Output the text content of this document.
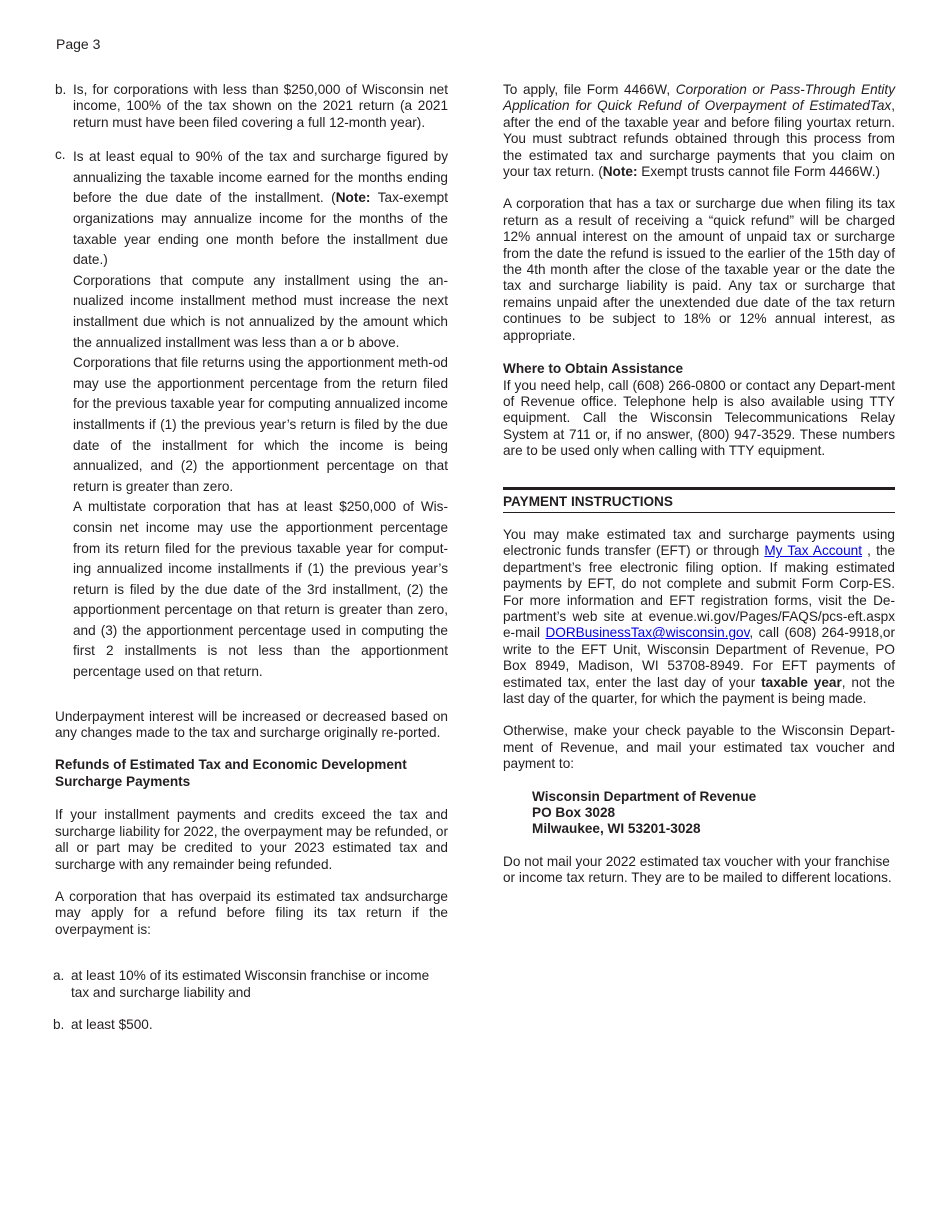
Page 3
b. Is, for corporations with less than $250,000 of Wisconsin net income, 100% of the tax shown on the 2021 return (a 2021 return must have been filed covering a full 12-month year).

c. Is at least equal to 90% of the tax and surcharge figured by annualizing the taxable income earned for the months ending before the due date of the installment. (Note: Tax-exempt organizations may annualize income for the months of the taxable year ending one month before the installment due date.)

Corporations that compute any installment using the an-nualized income installment method must increase the next installment due which is not annualized by the amount which the annualized installment was less than a or b above.

Corporations that file returns using the apportionment meth-od may use the apportionment percentage from the return filed for the previous taxable year for computing annualized income installments if (1) the previous year’s return is filed by the due date of the installment for which the income is being annualized, and (2) the apportionment percentage on that return is greater than zero.

A multistate corporation that has at least $250,000 of Wis-consin net income may use the apportionment percentage from its return filed for the previous taxable year for comput-ing annualized income installments if (1) the previous year’s return is filed by the due date of the 3rd installment, (2) the apportionment percentage on that return is greater than zero, and (3) the apportionment percentage used in computing the first 2 installments is not less than the apportionment percentage used on that return.

Underpayment interest will be increased or decreased based on any changes made to the tax and surcharge originally re-ported.

Refunds of Estimated Tax and Economic Development Surcharge Payments

If your installment payments and credits exceed the tax and surcharge liability for 2022, the overpayment may be refunded, or all or part may be credited to your 2023 estimated tax and surcharge with any remainder being refunded.

A corporation that has overpaid its estimated tax andsurcharge may apply for a refund before filing its tax return if the overpayment is:

a. at least 10% of its estimated Wisconsin franchise or income tax and surcharge liability and

b. at least $500.

To apply, file Form 4466W, Corporation or Pass-Through Entity Application for Quick Refund of Overpayment of EstimatedTax, after the end of the taxable year and before filing yourtax return. You must subtract refunds obtained through this process from the estimated tax and surcharge payments that you claim on your tax return. (Note: Exempt trusts cannot file Form 4466W.)

A corporation that has a tax or surcharge due when filing its tax return as a result of receiving a “quick refund” will be charged 12% annual interest on the amount of unpaid tax or surcharge from the date the refund is issued to the earlier of the 15th day of the 4th month after the close of the taxable year or the date the tax and surcharge liability is paid. Any tax or surcharge that remains unpaid after the unextended due date of the tax return continues to be subject to 18% or 12% annual interest, as appropriate.

Where to Obtain Assistance

If you need help, call (608) 266-0800 or contact any Depart-ment of Revenue office. Telephone help is also available using TTY equipment. Call the Wisconsin Telecommunications Relay System at 711 or, if no answer, (800) 947-3529. These numbers are to be used only when calling with TTY equipment.

PAYMENT INSTRUCTIONS

You may make estimated tax and surcharge payments using electronic funds transfer (EFT) or through My Tax Account , the department’s free electronic filing option. If making estimated payments by EFT, do not complete and submit Form Corp-ES. For more information and EFT registration forms, visit the De-partment’s web site at evenue.wi.gov/Pages/FAQS/pcs-eft.aspx e-mail DORBusinessTax@wisconsin.gov, call (608) 264-9918,or write to the EFT Unit, Wisconsin Department of Revenue, PO Box 8949, Madison, WI 53708-8949. For EFT payments of estimated tax, enter the last day of your taxable year, not the last day of the quarter, for which the payment is being made.

Otherwise, make your check payable to the Wisconsin Depart-ment of Revenue, and mail your estimated tax voucher and payment to:

Wisconsin Department of Revenue
PO Box 3028
Milwaukee, WI 53201-3028

Do not mail your 2022 estimated tax voucher with your franchise or income tax return. They are to be mailed to different locations.
